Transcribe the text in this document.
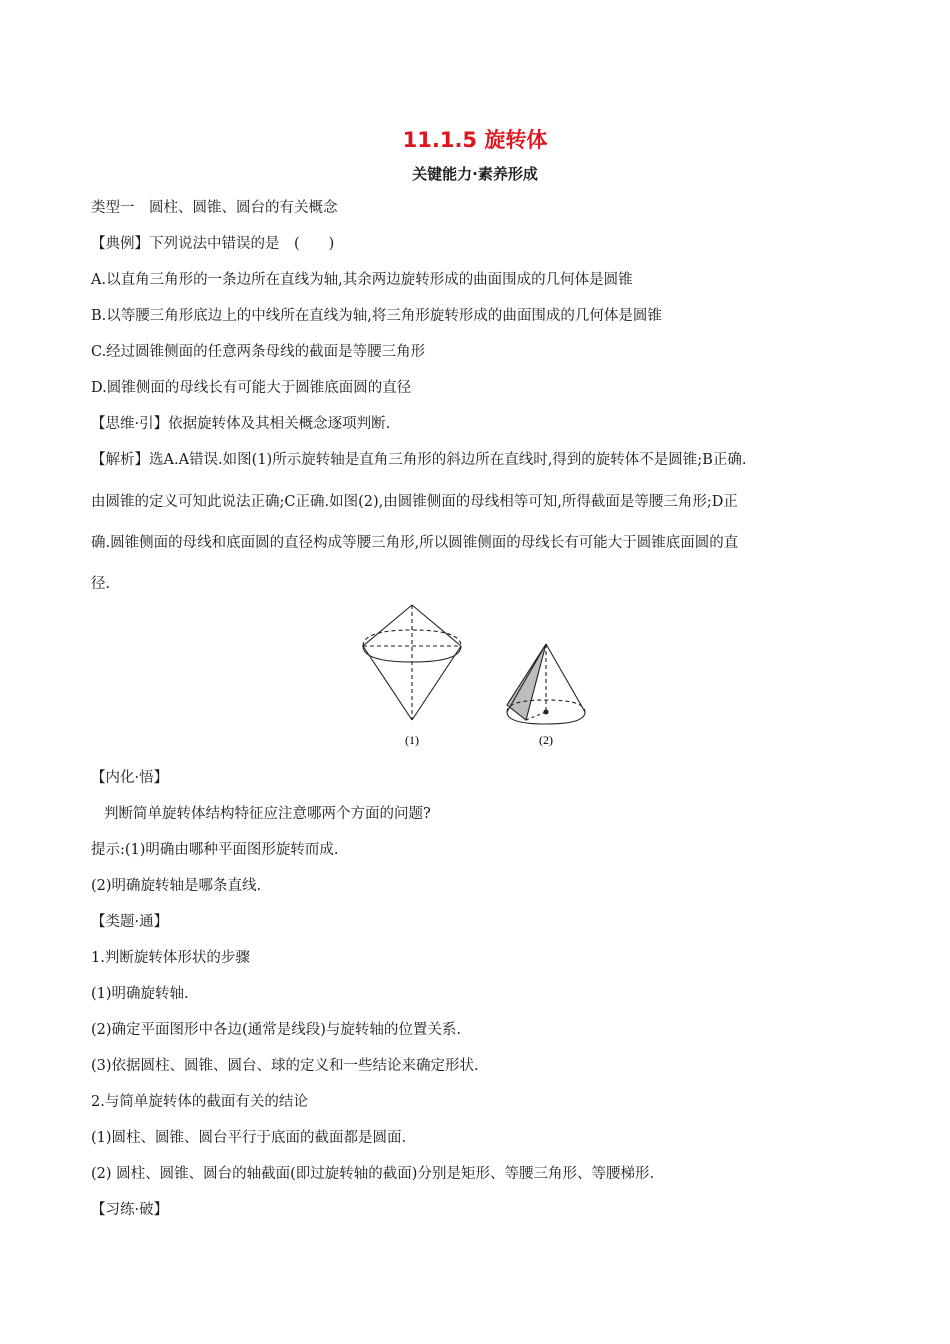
11.1.5 旋转体
关键能力·素养形成
类型一　圆柱、圆锥、圆台的有关概念
【典例】下列说法中错误的是　(　　)
A.以直角三角形的一条边所在直线为轴,其余两边旋转形成的曲面围成的几何体是圆锥
B.以等腰三角形底边上的中线所在直线为轴,将三角形旋转形成的曲面围成的几何体是圆锥
C.经过圆锥侧面的任意两条母线的截面是等腰三角形
D.圆锥侧面的母线长有可能大于圆锥底面圆的直径
【思维·引】依据旋转体及其相关概念逐项判断.
【解析】选A.A错误.如图(1)所示旋转轴是直角三角形的斜边所在直线时,得到的旋转体不是圆锥;B正确.
由圆锥的定义可知此说法正确;C正确.如图(2),由圆锥侧面的母线相等可知,所得截面是等腰三角形;D正
确.圆锥侧面的母线和底面圆的直径构成等腰三角形,所以圆锥侧面的母线长有可能大于圆锥底面圆的直
径.
(1)	(2)
【内化·悟】
判断简单旋转体结构特征应注意哪两个方面的问题?
提示:(1)明确由哪种平面图形旋转而成.
(2)明确旋转轴是哪条直线.
【类题·通】
1.判断旋转体形状的步骤
(1)明确旋转轴.
(2)确定平面图形中各边(通常是线段)与旋转轴的位置关系.
(3)依据圆柱、圆锥、圆台、球的定义和一些结论来确定形状.
2.与简单旋转体的截面有关的结论
(1)圆柱、圆锥、圆台平行于底面的截面都是圆面.
(2) 圆柱、圆锥、圆台的轴截面(即过旋转轴的截面)分别是矩形、等腰三角形、等腰梯形.
【习练·破】
